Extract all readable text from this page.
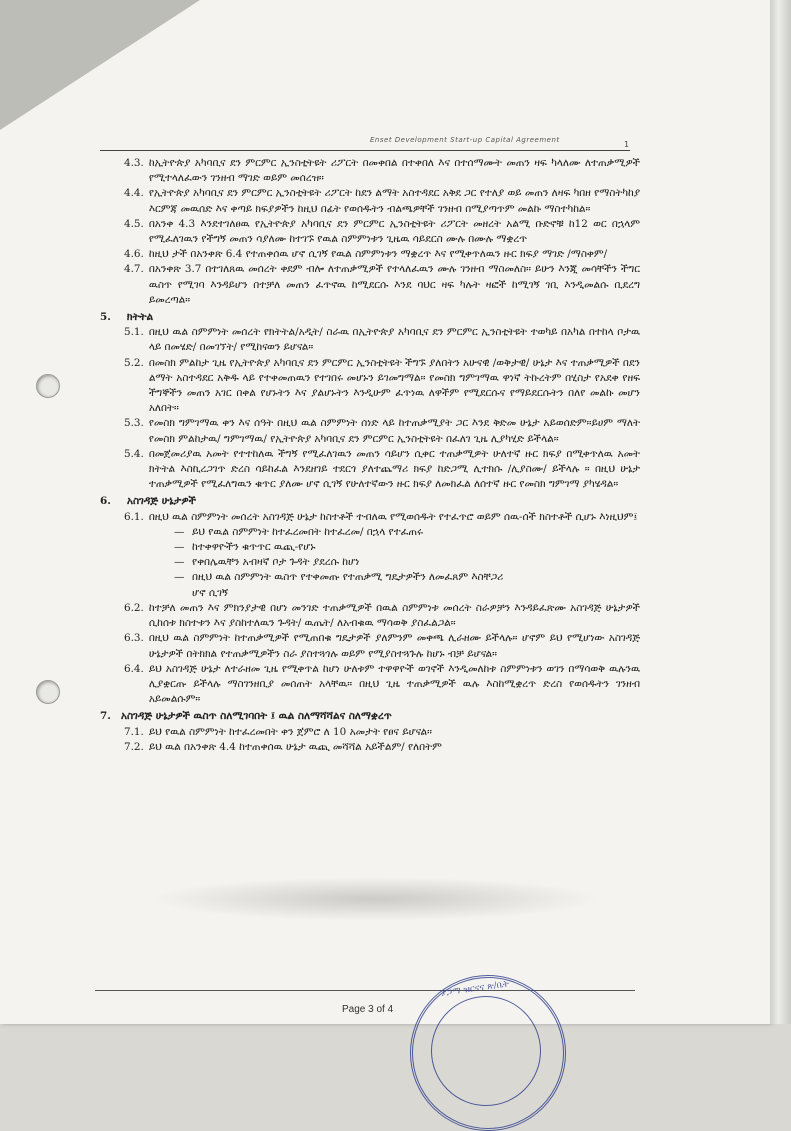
Enset Development Start-up Capital Agreement	1
4.3. ከኢትዮጵያ አካባቢና ደን ምርምር ኢንስቲትዩት ሪፖርት በመቀበል በተቀበለ እና በተሰማሙት መጠን ዛፍ ካላለሙ ለተጠቃሚዎች የሚተላለፈውን ገንዘብ ማገድ ወይም መሰረዝ።
4.4. የኢትዮጵያ አካባቢና ደን ምርምር ኢንስቲትዩት ሪፖርት ከደን ልማት አስተዳደር አቅደ ጋር የተለያ ወይ መጠን ለዛፍ ካበዘ የማስትካከያ እርምጃ መዉሰድ እና ቀጣይ ክፍያዎችን ከዚህ በፊት የወሰዱትን ብልጫዎቸች ገንዘብ በሚያጣጥም መልኩ ማስተካከል።
4.5. በአንቀ 4.3 እንደተገለፀዉ የኢትዮጵያ አካባቢና ደን ምርምር ኢንስቲትዩት ሪፖርት መዘረት አልሚ ቡድኖቹ ከ12 ወር በኋላም የሚፈለገዉን የችግኝ መጠን ሳያለሙ ከተገኙ የዉል ስምምነቱን ጊዜዉ ሳይደርስ ሙሉ በሙሉ ማቋረጥ
4.6. ከዚህ ታች በአንቀጽ 6.4 የተጠቀሰዉ ሆኖ ሲገኝ የዉል ስምምነቱን ማቋረጥ እና የሚቀጥለዉን ዙር ክፍያ ማገድ /ማስቀም/
4.7. በአንቀጽ 3.7 በተገለጸዉ መሰረት ቀደም ብሎ ለተጠቃሚዎች የተላለፈዉን ሙሉ ገንዘብ ማስመለስ። ይሁን እንጂ መሳቸችን ችግር ዉስጥ የሚገባ እንዳይሆን በተቻለ መጠን ፈጥኖዉ ከሚደርሱ እንደ ባህር ዛፍ ካሉት ዛፎች ከሚገኝ ገቢ እንዲመልሱ ቢደረግ ይመረጣል።
5. ክትትል
5.1. በዚህ ዉል ስምምነት መሰረት የክትትል/አዲት/ ስራዉ በኢትዮጵያ አካባቢና ደን ምርምር ኢንስቲትዩት ተወካይ በአካል በተከላ ቦታዉ ላይ በመሄድ/ በመገኘት/ የሚከናወን ይሆናል።
5.2. በመስክ ምልከታ ጊዜ የኢትዮጵያ አካባቢና ደን ምርምር ኢንስቲትዩት ችግኙ ያለበትን አሁናዊ /ወቅታዊ/ ሁኔታ እና ተጠቃሚዎች በደን ልማት አስተዳደር አቅዱ ላይ የተቀመጠዉን የተገበሩ መሆኑን ይገመግማል። የመስክ ግምገማዉ ዋነኛ ትኩረትም በሂስታ የአደቀ የዘፍ ችግኞችን መጠን አገር በቀል የሆኑትን እና ያልሆኑትን እንዲሁም ፈጥነዉ ለዋችም የሚደርሱና የማይደርሱትን በለየ መልኩ መሆን አለበት።
5.3. የመስክ ግምገማዉ ቀን እና ሰዓት በዚህ ዉል ስምምነት ሰነድ ላይ ከተጠቃሚያት ጋር እንደ ቅድመ ሁኔታ አይወሰድም።ይሀም ማለት የመስክ ምልከታዉ/ ግምገማዉ/ የኢትዮጵያ አካባቢና ደን ምርምር ኢንስቲትዩት በፈለገ ጊዜ ሊያካሂድ ይችላል።
5.4. በመጀመሪያዉ አመት የተተከለዉ ችግኝ የሚፈለገዉን መጠን ሳይሆን ሲቀር ተጠቃሚዎት ሁለተኛ ዙር ክፍያ በሚቀጥለዉ አመት ክትትል እስኪረጋገጥ ድረስ ሳይከፈል እንደዘገይ ተደርጎ ያለተጨማሪ ክፍያ ከድጋሚ ሊተክሱ /ሊያስሙ/ ይችላሉ ። በዚህ ሁኔታ ተጠቃሚዎች የሚፈለግዉን ቁጥር ያለሙ ሆኖ ሲገኝ የሁለተኛውን ዙር ክፍያ ለመክፈል ለሰተኛ ዙር የመስክ ግምገማ ያካሄዳል።
6. አስገዳጅ ሁኔታዎች
6.1. በዚህ ዉል ስምምነት መሰረት አስገዳጅ ሁኔታ ከስተቶች ተብለዉ የሚወሰዱት የተፈጥሮ ወይም ሰዉ-ሰች ክስተቶች ሲሆኑ እነዚህም፤
— ይህ የዉል ስምምነት ከተፈረመበት ከተፈረመ/ በኋላ የተፈጠሩ
— ከተቀዋዮችን ቁጥጥር ዉጪ-የሆኑ
— የቀበሌዉቸን አብዛኛ ቦታ ጉዳት ያደረሱ ከሆነ
— በዚህ ዉል ስምምነት ዉስጥ የተቀመጡ የተጠቃሚ ግዴታዎችን ለመፈጸም እስቸጋሪ
ሆኖ ሲገኝ
6.2. ከተቻለ መጠን እና ምክንያታዊ በሆነ መንገድ ተጠቃሚዎች በዉል ስምምነቱ መሰረት ስራዎቻን እንዳይፈጽሙ አስገዳጅ ሁኔታዎች ሲከሰቱ ክስተቱን እና ያስከተለዉን ጉዳት/ ዉጤት/ ለአብቁዉ ማሳወቅ ያስፈልጋል።
6.3. በዚህ ዉል ስምምነት ከተጠቃሚዎች የሚጠበቁ ግዴታዎች ያለምንም መቀጫ ሊራዘሙ ይችላሉ። ሆኖም ይህ የሚሆነው አስገዳጅ ሁኔታዎች በትክክል የተጠቃሚዎችን ስራ ያስተጓጎሉ ወይም የሚያስተጓጉሉ ከሆኑ ብቻ ይሆናል።
6.4. ይህ አስገዳጅ ሁኔታ ለተራዘመ ጊዜ የሚቀጥል ከሆነ ሁለቱም ተዋዋዮች ወገኖች እንዲመለከቱ ስምምነቱን ወገን በማሳወቅ ዉሉንዉ ሊያቋርጡ ይችላሉ ማስገንዘቢያ መሰጠት አላቸዉ። በዚህ ጊዜ ተጠቃሚዎች ዉሉ እስከሚቋረጥ ድረስ የወሰዱትን ገንዘብ አይመልሱም።
7. አስገዳጅ ሁኔታዎች ዉስጥ ስለሚገባበት ፤ ዉል ስለማሻሻልና ስለማቋረጥ
7.1. ይህ የዉል ስምምነት ከተፈረመበት ቀን ጀምሮ ለ 10 አመታት የፀና ይሆናል።
7.2. ይህ ዉል በአንቀጽ 4.4 ከተጠቀሰዉ ሁኔታ ዉጪ መሻሻል አይችልም/ የለበትም
Page 3 of 4
ያጋማ ዝርናና ጽ/ቤት
